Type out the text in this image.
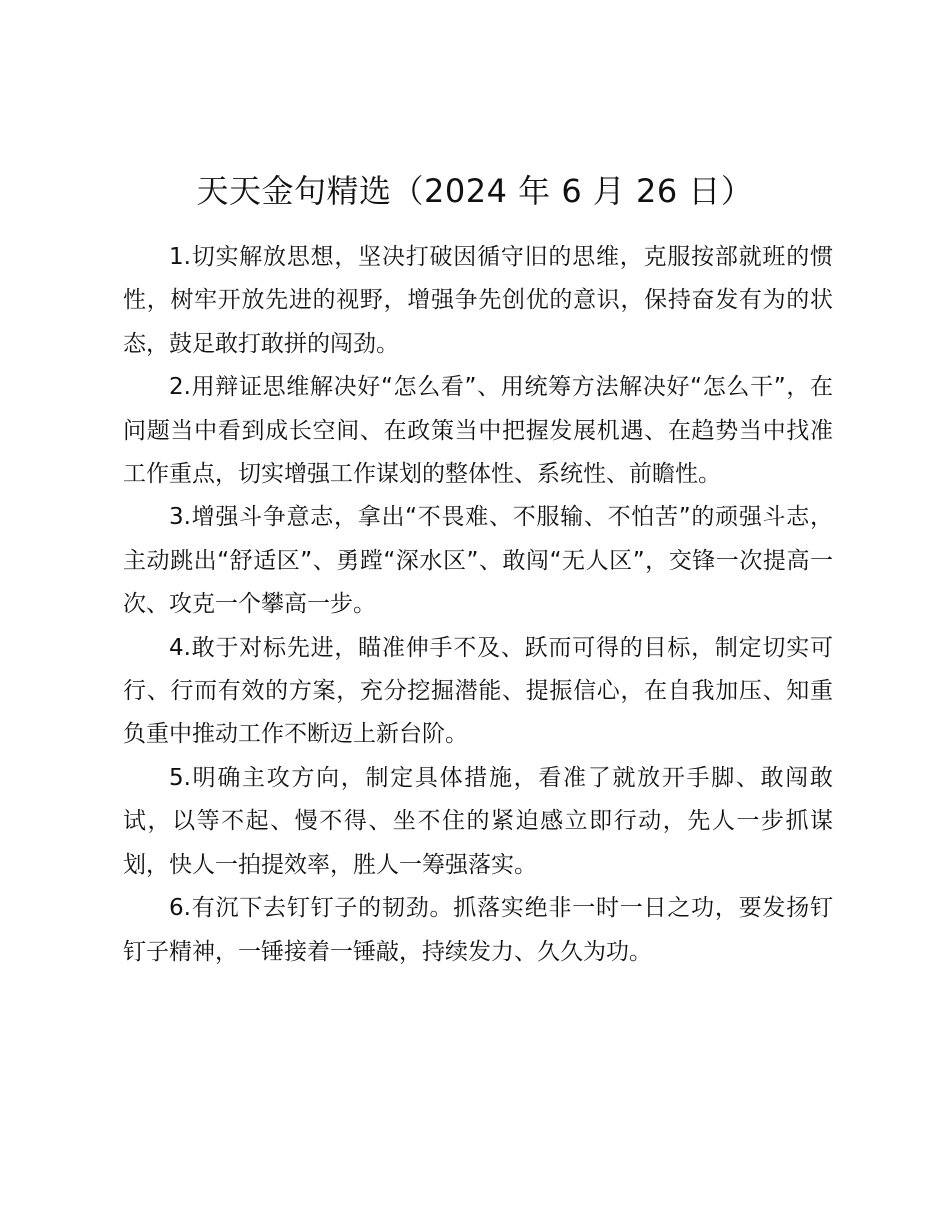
天天金句精选（2024 年 6 月 26 日）

1.切实解放思想，坚决打破因循守旧的思维，克服按部就班的惯性，树牢开放先进的视野，增强争先创优的意识，保持奋发有为的状态，鼓足敢打敢拼的闯劲。

2.用辩证思维解决好“怎么看”、用统筹方法解决好“怎么干”，在问题当中看到成长空间、在政策当中把握发展机遇、在趋势当中找准工作重点，切实增强工作谋划的整体性、系统性、前瞻性。

3.增强斗争意志，拿出“不畏难、不服输、不怕苦”的顽强斗志，主动跳出“舒适区”、勇蹚“深水区”、敢闯“无人区”，交锋一次提高一次、攻克一个攀高一步。

4.敢于对标先进，瞄准伸手不及、跃而可得的目标，制定切实可行、行而有效的方案，充分挖掘潜能、提振信心，在自我加压、知重负重中推动工作不断迈上新台阶。

5.明确主攻方向，制定具体措施，看准了就放开手脚、敢闯敢试，以等不起、慢不得、坐不住的紧迫感立即行动，先人一步抓谋划，快人一拍提效率，胜人一筹强落实。

6.有沉下去钉钉子的韧劲。抓落实绝非一时一日之功，要发扬钉钉子精神，一锤接着一锤敲，持续发力、久久为功。
